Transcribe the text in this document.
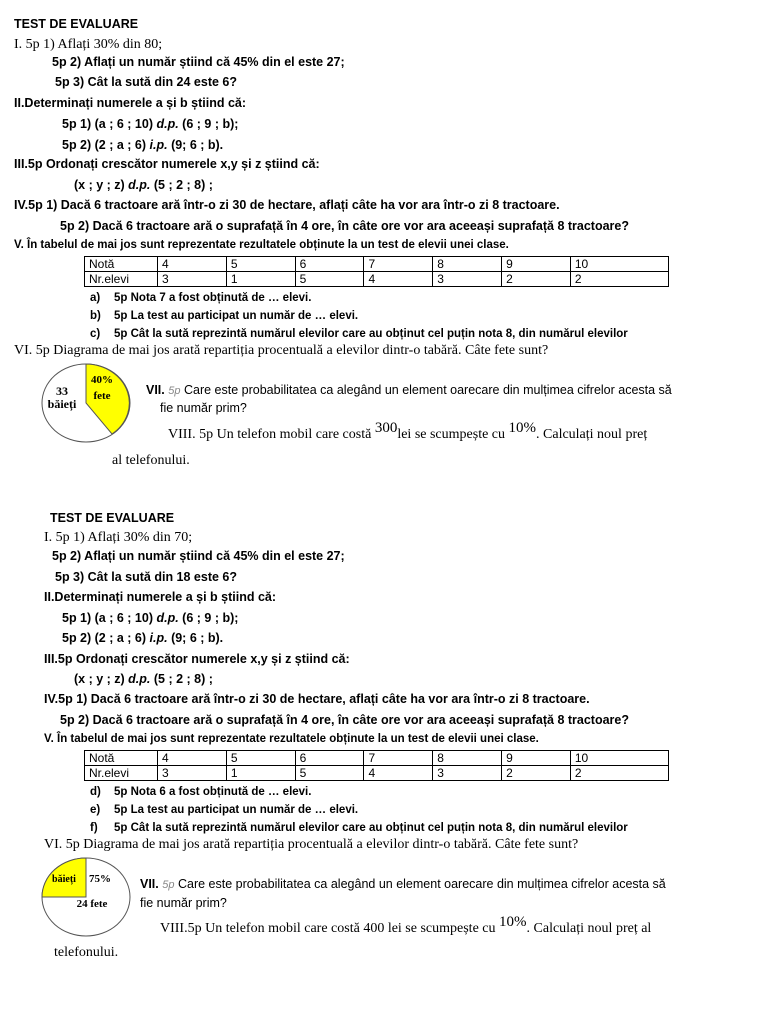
TEST DE EVALUARE
I. 5p 1) Aflați 30% din 80;
5p 2) Aflați un număr știind că 45% din el este 27;
5p 3) Cât la sută din 24 este 6?
II.Determinați numerele a și b știind că:
5p 1) (a ; 6 ; 10) d.p. (6 ; 9 ; b);
5p 2) (2 ; a ; 6) i.p. (9; 6 ; b).
III.5p Ordonați crescător numerele x,y și z știind că:
(x ; y ; z) d.p. (5 ; 2 ; 8) ;
IV.5p 1) Dacă 6 tractoare ară într-o zi 30 de hectare, aflați câte ha vor ara într-o zi 8 tractoare.
5p 2) Dacă 6 tractoare ară o suprafață în 4 ore, în câte ore vor ara aceeași suprafață 8 tractoare?
V. În tabelul de mai jos sunt reprezentate rezultatele obținute la un test de elevii unei clase.
Notă	4	5	6	7	8	9	10
Nr.elevi	3	1	5	4	3	2	2
a) 5p Nota 7 a fost obținută de … elevi.
b) 5p La test au participat un număr de … elevi.
c) 5p Cât la sută reprezintă numărul elevilor care au obținut cel puțin nota 8, din numărul elevilor
VI. 5p Diagrama de mai jos arată repartiția procentuală a elevilor dintr-o tabără. Câte fete sunt?
33
băieți
40%
fete	VII. 5p Care este probabilitatea ca alegând un element oarecare din mulțimea cifrelor acesta să
fie număr prim?
VIII. 5p Un telefon mobil care costă 300lei se scumpește cu 10%. Calculați noul preț
al telefonului.
TEST DE EVALUARE
I. 5p 1) Aflați 30% din 70;
5p 2) Aflați un număr știind că 45% din el este 27;
5p 3) Cât la sută din 18 este 6?
II.Determinați numerele a și b știind că:
5p 1) (a ; 6 ; 10) d.p. (6 ; 9 ; b);
5p 2) (2 ; a ; 6) i.p. (9; 6 ; b).
III.5p Ordonați crescător numerele x,y și z știind că:
(x ; y ; z) d.p. (5 ; 2 ; 8) ;
IV.5p 1) Dacă 6 tractoare ară într-o zi 30 de hectare, aflați câte ha vor ara într-o zi 8 tractoare.
5p 2) Dacă 6 tractoare ară o suprafață în 4 ore, în câte ore vor ara aceeași suprafață 8 tractoare?
V. În tabelul de mai jos sunt reprezentate rezultatele obținute la un test de elevii unei clase.
Notă	4	5	6	7	8	9	10
Nr.elevi	3	1	5	4	3	2	2
d) 5p Nota 6 a fost obținută de … elevi.
e) 5p La test au participat un număr de … elevi.
f) 5p Cât la sută reprezintă numărul elevilor care au obținut cel puțin nota 8, din numărul elevilor
VI. 5p Diagrama de mai jos arată repartiția procentuală a elevilor dintr-o tabără. Câte fete sunt?
băieți 75%
24 fete
VII. 5p Care este probabilitatea ca alegând un element oarecare din mulțimea cifrelor acesta să
fie număr prim?
VIII.5p Un telefon mobil care costă 400 lei se scumpește cu 10%. Calculați noul preț al
telefonului.
